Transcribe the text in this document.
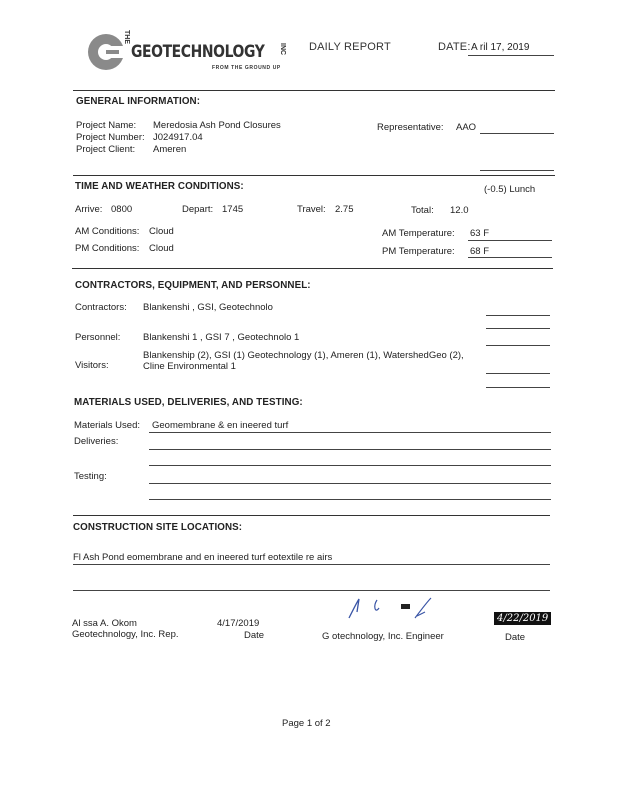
THE
GEOTECHNOLOGY INC
FROM THE GROUND UP
DAILY REPORT	DATE: A ril 17, 2019
GENERAL INFORMATION:
Project Name: Meredosia Ash Pond Closures
Project Number: J024917.04
Project Client: Ameren
Representative: AAO
TIME AND WEATHER CONDITIONS:	(-0.5) Lunch
Arrive: 0800	Depart: 1745	Travel: 2.75	Total: 12.0
AM Conditions: Cloud	AM Temperature: 63 F
PM Conditions: Cloud	PM Temperature: 68 F
CONTRACTORS, EQUIPMENT, AND PERSONNEL:
Contractors: Blankenshi , GSI, Geotechnolo
Personnel: Blankenshi 1 , GSI 7 , Geotechnolo 1
Visitors:
Blankenship (2), GSI (1) Geotechnology (1), Ameren (1), WatershedGeo (2),
Cline Environmental 1
MATERIALS USED, DELIVERIES, AND TESTING:
Materials Used: Geomembrane & en ineered turf
Deliveries:
Testing:
CONSTRUCTION SITE LOCATIONS:
Fl Ash Pond eomembrane and en ineered turf eotextile re airs
Al ssa A. Okom
Geotechnology, Inc. Rep.
4/17/2019
Date	G otechnology, Inc. Engineer
4/22/2019
Date
Page 1 of 2
